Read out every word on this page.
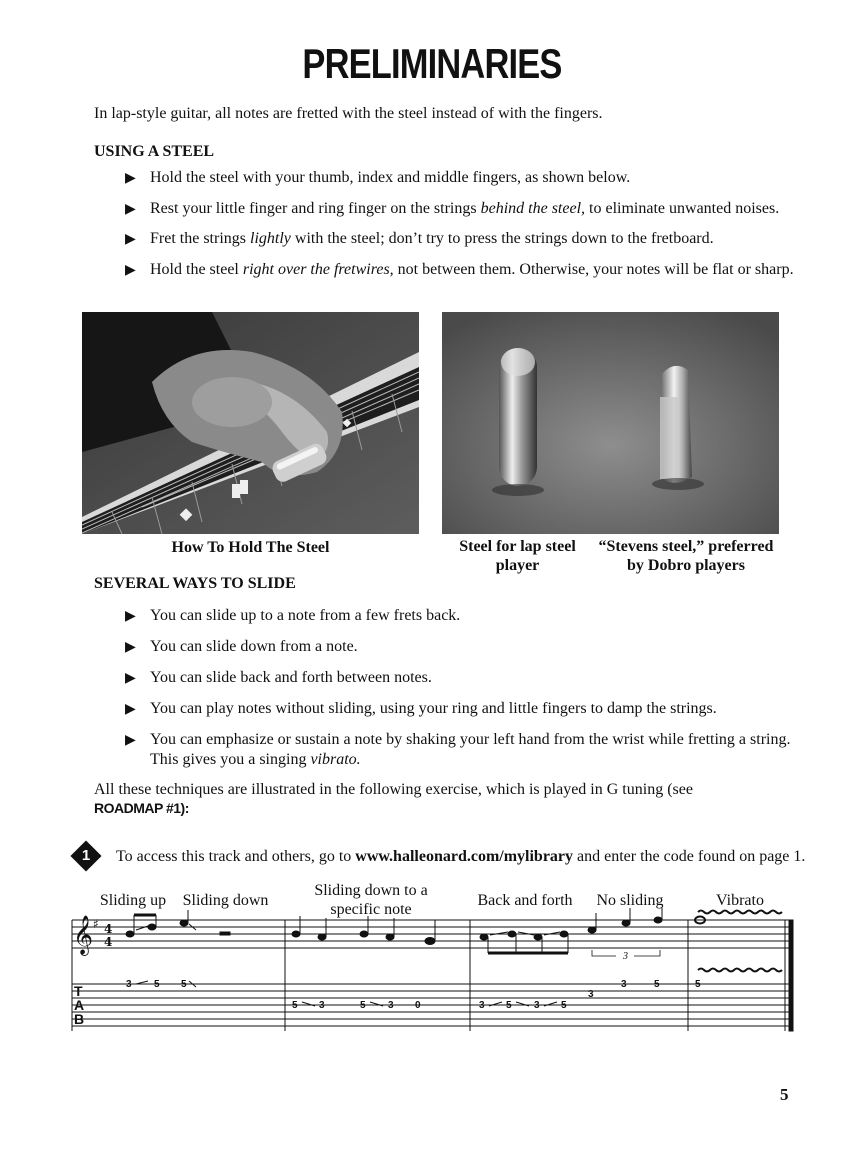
PRELIMINARIES
In lap-style guitar, all notes are fretted with the steel instead of with the fingers.
USING A STEEL
▶ Hold the steel with your thumb, index and middle fingers, as shown below.
▶ Rest your little finger and ring finger on the strings behind the steel, to eliminate unwanted noises.
▶ Fret the strings lightly with the steel; don’t try to press the strings down to the fretboard.
▶ Hold the steel right over the fretwires, not between them. Otherwise, your notes will be flat or sharp.
How To Hold The Steel	Steel for lap steel
player
“Stevens steel,” preferred
by Dobro players
SEVERAL WAYS TO SLIDE
▶ You can slide up to a note from a few frets back.
▶ You can slide down from a note.
▶ You can slide back and forth between notes.
▶ You can play notes without sliding, using your ring and little fingers to damp the strings.
▶ You can emphasize or sustain a note by shaking your left hand from the wrist while fretting a string.
This gives you a singing vibrato.
All these techniques are illustrated in the following exercise, which is played in G tuning (see
ROADMAP #1):
1	To access this track and others, go to www.halleonard.com/mylibrary and enter the code found on page 1.
Sliding up	Sliding down
Sliding down to a
specific note
Back and forth	No sliding	Vibrato
𝄞 ♯ 4
4
T
A
B
3
3 5 5
5 3	5 3 0	3 5 3 5
3
3	5	5
5
